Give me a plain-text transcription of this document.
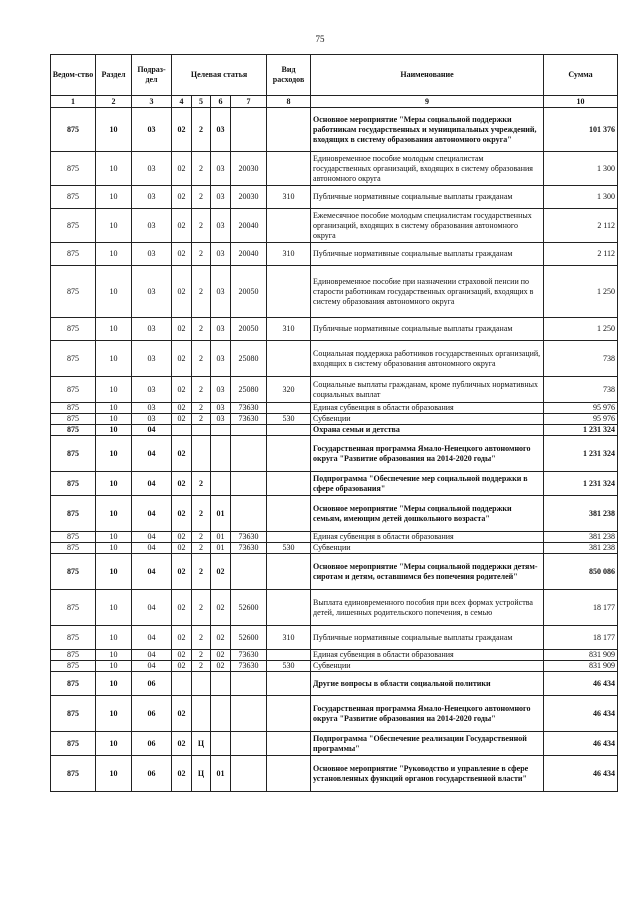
75
Ведом-ство	Раздел	Подраз-дел	Целевая статья				Вид расходов	Наименование	Сумма
1	2	3	4	5	6	7	8	9	10
875	10	03	02	2	03			Основное мероприятие "Меры социальной поддержки работникам государственных и муниципальных учреждений, входящих в систему образования автономного округа"	101 376
875	10	03	02	2	03	20030		Единовременное пособие молодым специалистам государственных организаций, входящих в систему образования автономного округа	1 300
875	10	03	02	2	03	20030	310	Публичные нормативные социальные выплаты гражданам	1 300
875	10	03	02	2	03	20040		Ежемесячное пособие молодым специалистам государственных организаций, входящих в систему образования автономного округа	2 112
875	10	03	02	2	03	20040	310	Публичные нормативные социальные выплаты гражданам	2 112
875	10	03	02	2	03	20050		Единовременное пособие при назначении страховой пенсии по старости работникам государственных организаций, входящих в систему образования автономного округа	1 250
875	10	03	02	2	03	20050	310	Публичные нормативные социальные выплаты гражданам	1 250
875	10	03	02	2	03	25080		Социальная поддержка работников государственных организаций, входящих в систему образования автономного округа	738
875	10	03	02	2	03	25080	320	Социальные выплаты гражданам, кроме публичных нормативных социальных выплат	738
875	10	03	02	2	03	73630		Единая субвенция в области образования	95 976
875	10	03	02	2	03	73630	530	Субвенции	95 976
875	10	04						Охрана семьи и детства	1 231 324
875	10	04	02					Государственная программа Ямало-Ненецкого автономного округа "Развитие образования на 2014-2020 годы"	1 231 324
875	10	04	02	2				Подпрограмма "Обеспечение мер социальной поддержки в сфере образования"	1 231 324
875	10	04	02	2	01			Основное мероприятие "Меры социальной поддержки семьям, имеющим детей дошкольного возраста"	381 238
875	10	04	02	2	01	73630		Единая субвенция в области образования	381 238
875	10	04	02	2	01	73630	530	Субвенции	381 238
875	10	04	02	2	02			Основное мероприятие "Меры социальной поддержки детям-сиротам и детям, оставшимся без попечения родителей"	850 086
875	10	04	02	2	02	52600		Выплата единовременного пособия при всех формах устройства детей, лишенных родительского попечения, в семью	18 177
875	10	04	02	2	02	52600	310	Публичные нормативные социальные выплаты гражданам	18 177
875	10	04	02	2	02	73630		Единая субвенция в области образования	831 909
875	10	04	02	2	02	73630	530	Субвенции	831 909
875	10	06						Другие вопросы в области социальной политики	46 434
875	10	06	02					Государственная программа Ямало-Ненецкого автономного округа "Развитие образования на 2014-2020 годы"	46 434
875	10	06	02	Ц				Подпрограмма "Обеспечение реализации Государственной программы"	46 434
875	10	06	02	Ц	01			Основное мероприятие "Руководство и управление в сфере установленных функций органов государственной власти"	46 434
